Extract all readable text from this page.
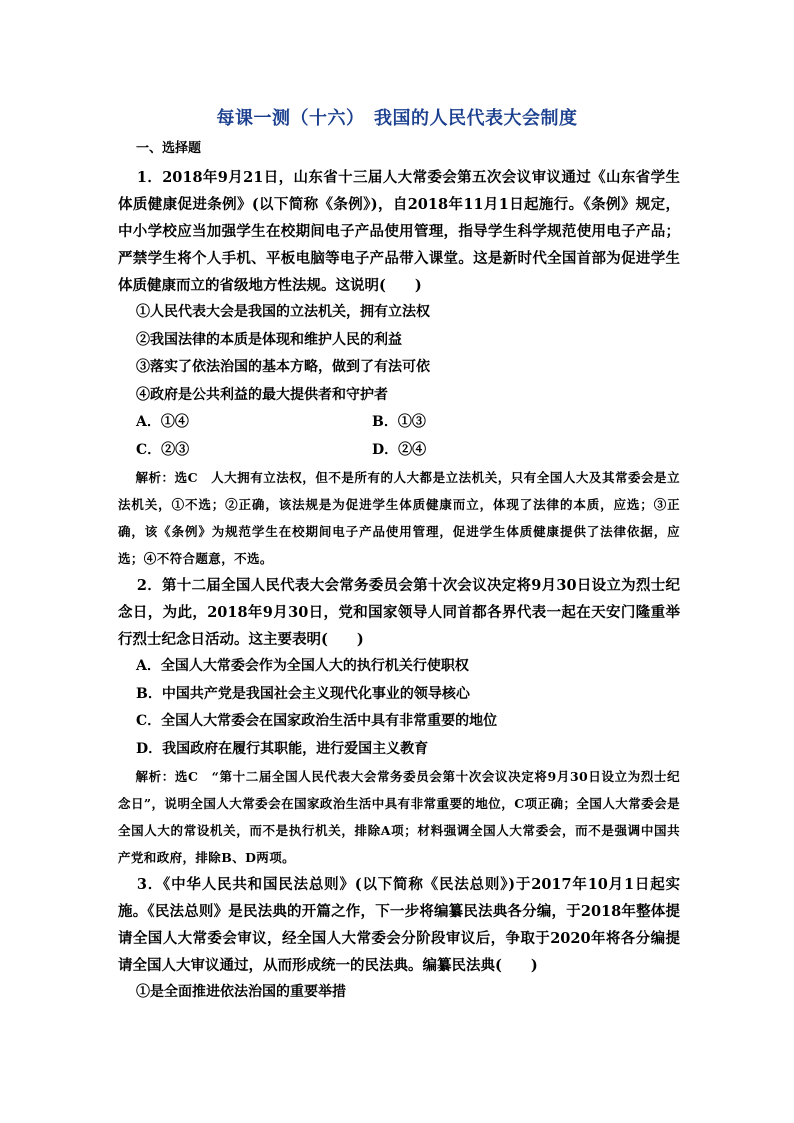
每课一测（十六）　我国的人民代表大会制度

一、选择题

1．2018年9月21日，山东省十三届人大常委会第五次会议审议通过《山东省学生体质健康促进条例》(以下简称《条例》)，自2018年11月1日起施行。《条例》规定，中小学校应当加强学生在校期间电子产品使用管理，指导学生科学规范使用电子产品；严禁学生将个人手机、平板电脑等电子产品带入课堂。这是新时代全国首部为促进学生体质健康而立的省级地方性法规。这说明(　　)

①人民代表大会是我国的立法机关，拥有立法权

②我国法律的本质是体现和维护人民的利益

③落实了依法治国的基本方略，做到了有法可依

④政府是公共利益的最大提供者和守护者

A．①④	B．①③
C．②③	D．②④

解析：选C　人大拥有立法权，但不是所有的人大都是立法机关，只有全国人大及其常委会是立法机关，①不选；②正确，该法规是为促进学生体质健康而立，体现了法律的本质，应选；③正确，该《条例》为规范学生在校期间电子产品使用管理，促进学生体质健康提供了法律依据，应选；④不符合题意，不选。

2．第十二届全国人民代表大会常务委员会第十次会议决定将9月30日设立为烈士纪念日，为此，2018年9月30日，党和国家领导人同首都各界代表一起在天安门隆重举行烈士纪念日活动。这主要表明(　　)

A．全国人大常委会作为全国人大的执行机关行使职权

B．中国共产党是我国社会主义现代化事业的领导核心

C．全国人大常委会在国家政治生活中具有非常重要的地位

D．我国政府在履行其职能，进行爱国主义教育

解析：选C　“第十二届全国人民代表大会常务委员会第十次会议决定将9月30日设立为烈士纪念日”，说明全国人大常委会在国家政治生活中具有非常重要的地位，C项正确；全国人大常委会是全国人大的常设机关，而不是执行机关，排除A项；材料强调全国人大常委会，而不是强调中国共产党和政府，排除B、D两项。

3．《中华人民共和国民法总则》(以下简称《民法总则》)于2017年10月1日起实施。《民法总则》是民法典的开篇之作，下一步将编纂民法典各分编，于2018年整体提请全国人大常委会审议，经全国人大常委会分阶段审议后，争取于2020年将各分编提请全国人大审议通过，从而形成统一的民法典。编纂民法典(　　)

①是全面推进依法治国的重要举措
